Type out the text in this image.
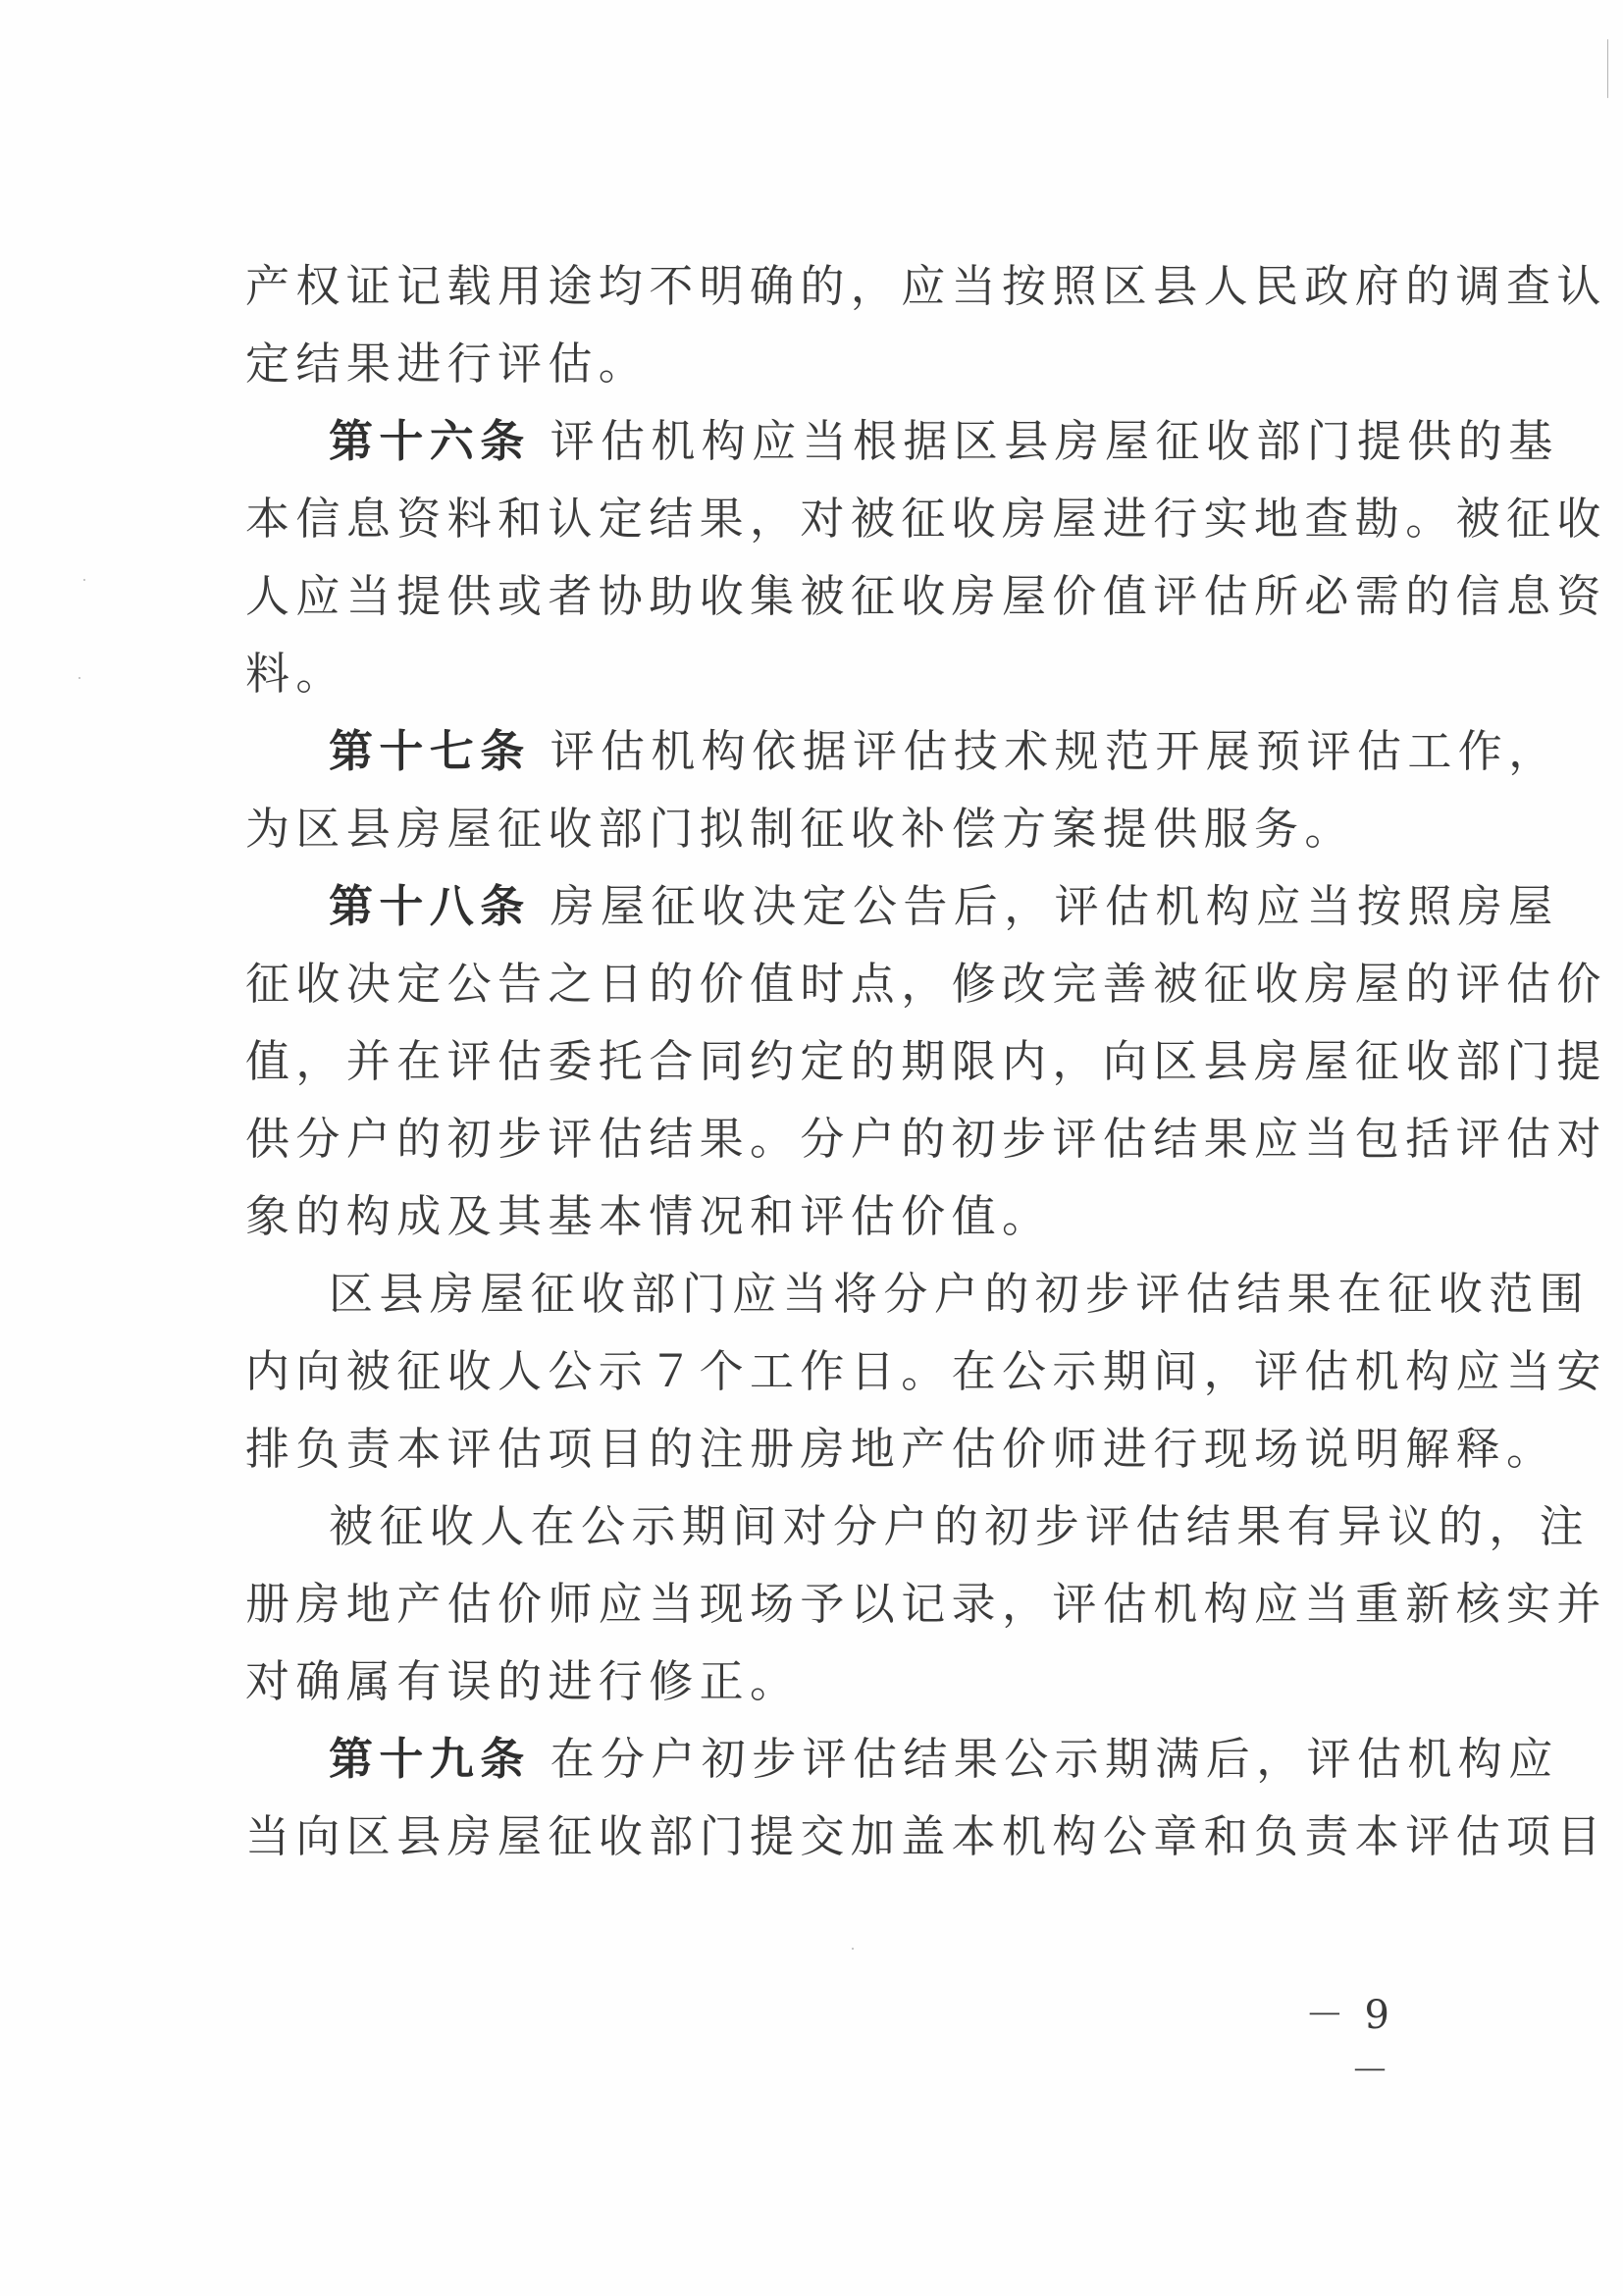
产权证记载用途均不明确的，应当按照区县人民政府的调查认
定结果进行评估。
第十六条 评估机构应当根据区县房屋征收部门提供的基
本信息资料和认定结果，对被征收房屋进行实地查勘。被征收
人应当提供或者协助收集被征收房屋价值评估所必需的信息资
料。
第十七条 评估机构依据评估技术规范开展预评估工作，
为区县房屋征收部门拟制征收补偿方案提供服务。
第十八条 房屋征收决定公告后，评估机构应当按照房屋
征收决定公告之日的价值时点，修改完善被征收房屋的评估价
值，并在评估委托合同约定的期限内，向区县房屋征收部门提
供分户的初步评估结果。分户的初步评估结果应当包括评估对
象的构成及其基本情况和评估价值。
区县房屋征收部门应当将分户的初步评估结果在征收范围
内向被征收人公示７个工作日。在公示期间，评估机构应当安
排负责本评估项目的注册房地产估价师进行现场说明解释。
被征收人在公示期间对分户的初步评估结果有异议的，注
册房地产估价师应当现场予以记录，评估机构应当重新核实并
对确属有误的进行修正。
第十九条 在分户初步评估结果公示期满后，评估机构应
当向区县房屋征收部门提交加盖本机构公章和负责本评估项目
－ 9 －
